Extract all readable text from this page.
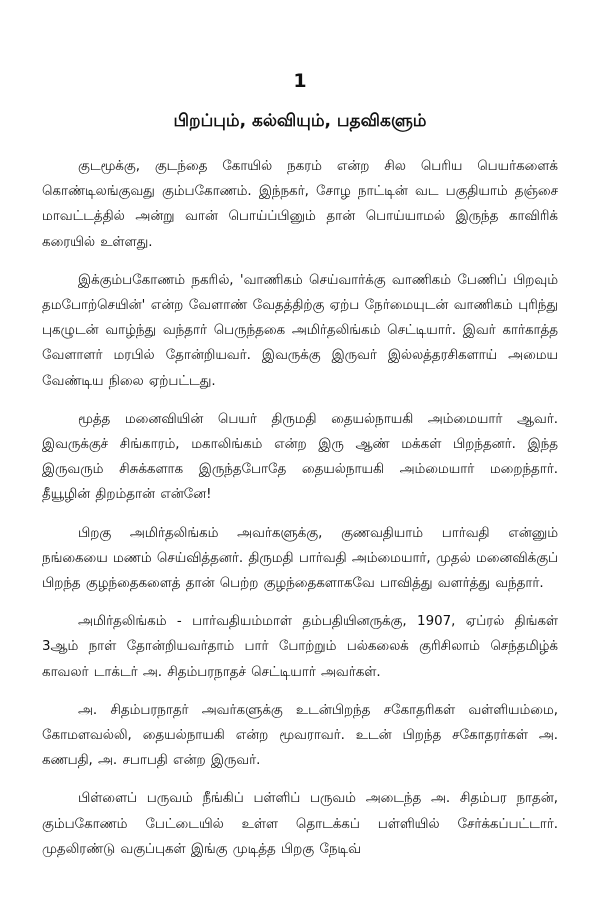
1
பிறப்பும், கல்வியும், பதவிகளும்

குடமூக்கு, குடந்தை கோயில் நகரம் என்ற சில பெரிய பெயர்களைக் கொண்டிலங்குவது கும்பகோணம். இந்நகர், சோழ நாட்டின் வட பகுதியாம் தஞ்சை மாவட்டத்தில் அன்று வான் பொய்ப்பினும் தான் பொய்யாமல் இருந்த காவிரிக் கரையில் உள்ளது.

இக்கும்பகோணம் நகரில், 'வாணிகம் செய்வார்க்கு வாணிகம் பேணிப் பிறவும் தமபோற்செயின்' என்ற வேளாண் வேதத்திற்கு ஏற்ப நேர்மையுடன் வாணிகம் புரிந்து புகழுடன் வாழ்ந்து வந்தார் பெருந்தகை அமிர்தலிங்கம் செட்டியார். இவர் கார்காத்த வேளாளர் மரபில் தோன்றியவர். இவருக்கு இருவர் இல்லத்தரசிகளாய் அமைய வேண்டிய நிலை ஏற்பட்டது.

மூத்த மனைவியின் பெயர் திருமதி தையல்நாயகி அம்மையார் ஆவர். இவருக்குச் சிங்காரம், மகாலிங்கம் என்ற இரு ஆண் மக்கள் பிறந்தனர். இந்த இருவரும் சிசுக்களாக இருந்தபோதே தையல்நாயகி அம்மையார் மறைந்தார். தீயூழின் திறம்தான் என்னே!

பிறகு அமிர்தலிங்கம் அவர்களுக்கு, குணவதியாம் பார்வதி என்னும் நங்கையை மணம் செய்வித்தனர். திருமதி பார்வதி அம்மையார், முதல் மனைவிக்குப் பிறந்த குழந்தைகளைத் தான் பெற்ற குழந்தைகளாகவே பாவித்து வளர்த்து வந்தார்.

அமிர்தலிங்கம் - பார்வதியம்மாள் தம்பதியினருக்கு, 1907, ஏப்ரல் திங்கள் 3ஆம் நாள் தோன்றியவர்தாம் பார் போற்றும் பல்கலைக் குரிசிலாம் செந்தமிழ்க் காவலர் டாக்டர் அ. சிதம்பரநாதச் செட்டியார் அவர்கள்.

அ. சிதம்பரநாதர் அவர்களுக்கு உடன்பிறந்த சகோதரிகள் வள்ளியம்மை, கோமளவல்லி, தையல்நாயகி என்ற மூவராவர். உடன் பிறந்த சகோதரர்கள் அ. கணபதி, அ. சபாபதி என்ற இருவர்.

பிள்ளைப் பருவம் நீங்கிப் பள்ளிப் பருவம் அடைந்த அ. சிதம்பர நாதன், கும்பகோணம் பேட்டையில் உள்ள தொடக்கப் பள்ளியில் சேர்க்கப்பட்டார். முதலிரண்டு வகுப்புகள் இங்கு முடித்த பிறகு நேடிவ்
